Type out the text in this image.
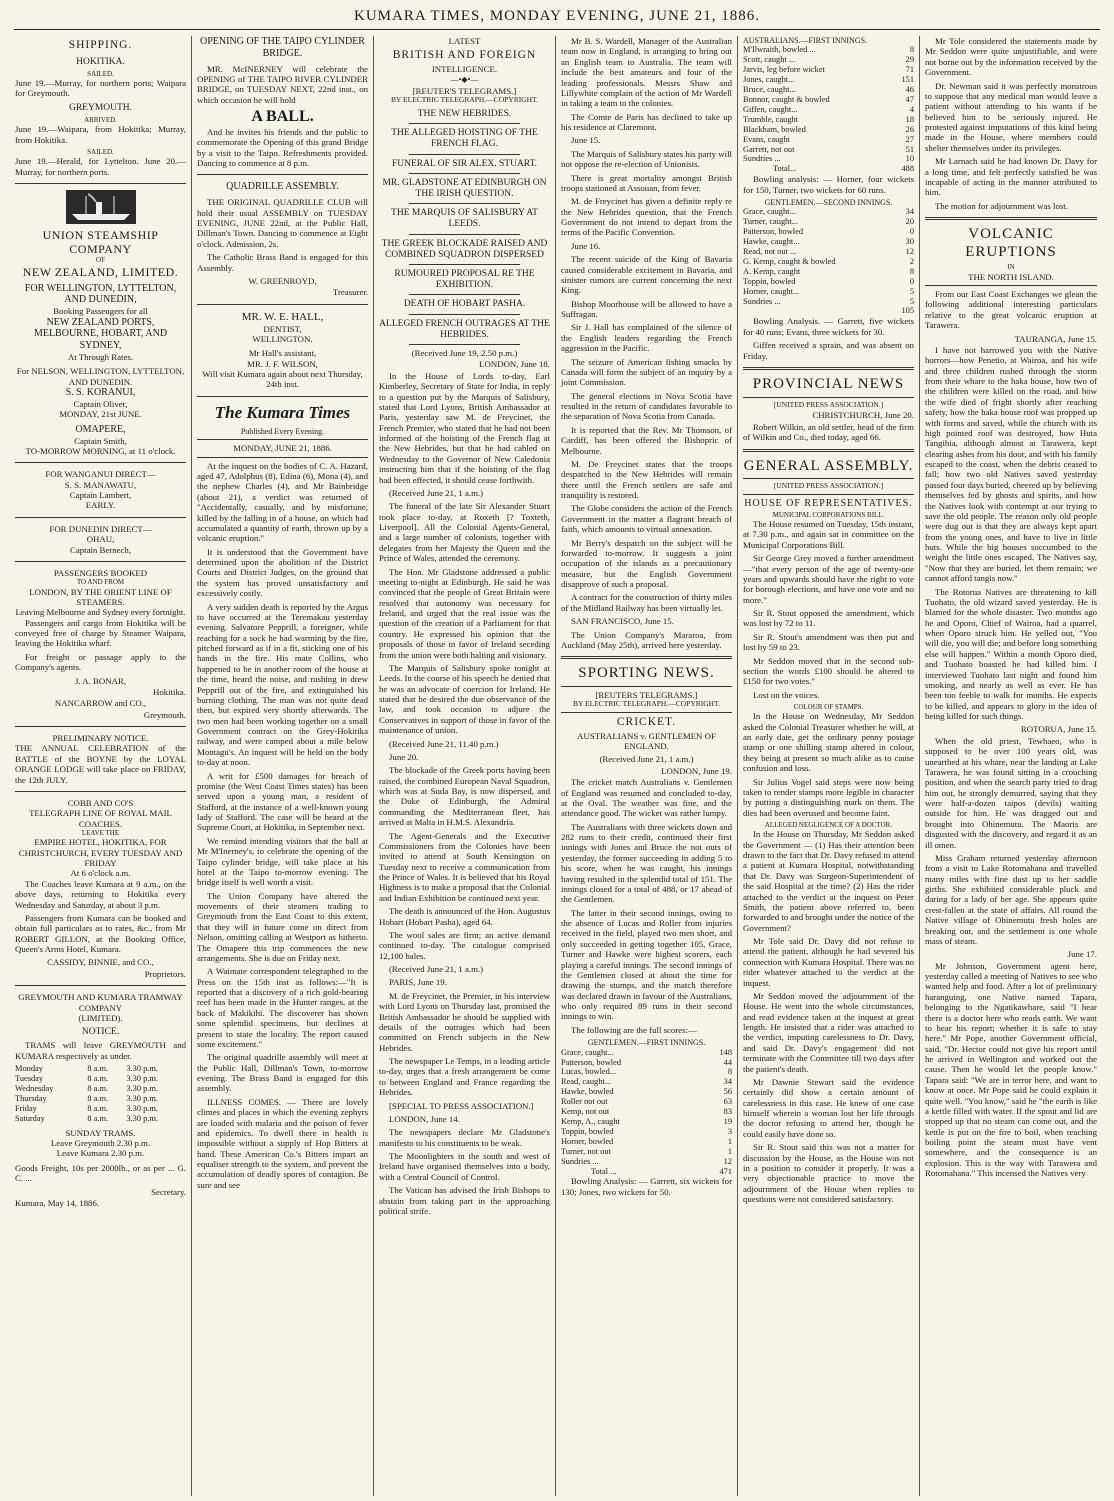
KUMARA TIMES, MONDAY EVENING, JUNE 21, 1886.
SHIPPING.
HOKITIKA.
SAILED.

June 19.—Murray, for northern ports; Waipara for Greymouth.

GREYMOUTH.
ARRIVED.

June 19.—Waipara, from Hokitika; Murray, from Hokitika.

SAILED.

June 19.—Herald, for Lyttelton. June 20.—Murray, for northern ports.

UNION STEAMSHIP COMPANY
OF
NEW ZEALAND, LIMITED.
FOR WELLINGTON, LYTTELTON, AND DUNEDIN,
Booking Passengers for all
NEW ZEALAND PORTS, MELBOURNE, HOBART, AND SYDNEY,
At Through Rates.
For NELSON, WELLINGTON, LYTTELTON, AND DUNEDIN.
S. S. KORANUI,
Captain Oliver,
MONDAY, 21st JUNE.
OMAPERE,
Captain Smith,
TO-MORROW MORNING, at 11 o'clock.
FOR WANGANUI DIRECT—
S. S. MANAWATU,
Captain Lambert,
EARLY.
FOR DUNEDIN DIRECT—
OHAU,
Captain Bernech,
PASSENGERS BOOKED
TO AND FROM
LONDON, BY THE ORIENT LINE OF STEAMERS.
Leaving Melbourne and Sydney every fortnight.

Passengers and cargo from Hokitika will be conveyed free of charge by Steamer Waipara, leaving the Hokitika wharf.

For freight or passage apply to the Company's agents.

J. A. BONAR,
Hokitika.
NANCARROW and CO.,
Greymouth.
PRELIMINARY NOTICE.

THE ANNUAL CELEBRATION of the BATTLE of the BOYNE by the LOYAL ORANGE LODGE will take place on FRIDAY, the 12th JULY.

COBB AND CO'S
TELEGRAPH LINE OF ROYAL MAIL COACHES.
LEAVE THE
EMPIRE HOTEL, HOKITIKA, FOR CHRISTCHURCH, EVERY TUESDAY AND FRIDAY
At 6 o'clock a.m.

The Coaches leave Kumara at 9 a.m., on the above days, returning to Hokitika every Wednesday and Saturday, at about 3 p.m.

Passengers from Kumara can be booked and obtain full particulars as to rates, &c., from Mr ROBERT GILLON, at the Booking Office, Queen's Arms Hotel, Kumara.

CASSIDY, BINNIE, and CO.,
Proprietors.
GREYMOUTH AND KUMARA TRAMWAY COMPANY
(LIMITED).
NOTICE.

TRAMS will leave GREYMOUTH and KUMARA respectively as under.

Monday	8 a.m.	3.30 p.m.
Tuesday	8 a.m.	3.30 p.m.
Wednesday	8 a.m.	3.30 p.m.
Thursday	8 a.m.	3.30 p.m.
Friday	8 a.m.	3.30 p.m.
Saturday	8 a.m.	3.30 p.m.
SUNDAY TRAMS.
Leave Greymouth 2.30 p.m.
Leave Kumara 2.30 p.m.

Goods Freight, 10s per 2000lb., or as per ... G. C. ...

Secretary.
Kumara, May 14, 1886.
OPENING OF THE TAIPO CYLINDER BRIDGE.

MR. McINERNEY will celebrate the OPENING of THE TAIPO RIVER CYLINDER BRIDGE, on TUESDAY NEXT, 22nd inst., on which occasion he will hold

A BALL.

And he invites his friends and the public to commemorate the Opening of this grand Bridge by a visit to the Taipo. Refreshments provided. Dancing to commence at 8 p.m.

QUADRILLE ASSEMBLY.

THE ORIGINAL QUADRILLE CLUB will hold their usual ASSEMBLY on TUESDAY EVENING, JUNE 22nd, at the Public Hall, Dillman's Town. Dancing to commence at Eight o'clock. Admission, 2s.

The Catholic Brass Band is engaged for this Assembly.

W. GREENROYD,
Treasurer.
MR. W. E. HALL,
DENTIST,
WELLINGTON.
Mr Hall's assistant,
MR. J. F. WILSON,
Will visit Kumara again about next Thursday, 24th inst.
The Kumara Times
Published Every Evening.
MONDAY, JUNE 21, 1886.

At the inquest on the bodies of C. A. Hazard, aged 47, Adolphus (8), Edina (6), Mona (4), and the nephew Charles (4), and Mr Bainbridge (about 21), a verdict was returned of "Accidentally, casually, and by misfortune, killed by the falling in of a house, on which had accumulated a quantity of earth, thrown up by a volcanic eruption."

It is understood that the Government have determined upon the abolition of the District Courts and District Judges, on the ground that the system has proved unsatisfactory and excessively costly.

A very sudden death is reported by the Argus to have occurred at the Teremakau yesterday evening. Salvatore Pepprill, a foreigner, while reaching for a sock he had warming by the fire, pitched forward as if in a fit, sticking one of his hands in the fire. His mate Collins, who happened to be in another room of the house at the time, heard the noise, and rushing in drew Pepprill out of the fire, and extinguished his burning clothing. The man was not quite dead then, but expired very shortly afterwards. The two men had been working together on a small Government contract on the Grey-Hokitika railway, and were camped about a mile below Montagu's. An inquest will be held on the body to-day at noon.

A writ for £500 damages for breach of promise (the West Coast Times states) has been served upon a young man, a resident of Stafford, at the instance of a well-known young lady of Stafford. The case will be heard at the Supreme Court, at Hokitika, in September next.

We remind intending visitors that the ball at Mr M'Inerney's, to celebrate the opening of the Taipo cylinder bridge, will take place at his hotel at the Taipo to-morrow evening. The bridge itself is well worth a visit.

The Union Company have altered the movements of their steamers trading to Greymouth from the East Coast to this extent, that they will in future come on direct from Nelson, omitting calling at Westport as hitherto. The Omapere this trip commences the new arrangements. She is due on Friday next.

A Waimate correspondent telegraphed to the Press on the 15th inst as follows:—"It is reported that a discovery of a rich gold-bearing reef has been made in the Hunter ranges, at the back of Makikihi. The discoverer has shown some splendid specimens, but declines at present to state the locality. The report caused some excitement."

The original quadrille assembly will meet at the Public Hall, Dillman's Town, to-morrow evening. The Brass Band is engaged for this assembly.

ILLNESS COMES. — There are lovely climes and places in which the evening zephyrs are loaded with malaria and the poison of fever and epidemics. To dwell there in health is impossible without a supply of Hop Bitters at hand. These American Co.'s Bitters impart an equaliser strength to the system, and prevent the accumulation of deadly spores of contagion. Be sure and see

LATEST
BRITISH AND FOREIGN
INTELLIGENCE.
―•◆•―
[REUTER'S TELEGRAMS.]
BY ELECTRIC TELEGRAPH.—COPYRIGHT.
THE NEW HEBRIDES.
THE ALLEGED HOISTING OF THE FRENCH FLAG.
FUNERAL OF SIR ALEX. STUART.
MR. GLADSTONE AT EDINBURGH ON THE IRISH QUESTION.
THE MARQUIS OF SALISBURY AT LEEDS.
THE GREEK BLOCKADE RAISED AND COMBINED SQUADRON DISPERSED
RUMOURED PROPOSAL RE THE EXHIBITION.
DEATH OF HOBART PASHA.
ALLEGED FRENCH OUTRAGES AT THE HEBRIDES.
(Received June 19, 2.50 p.m.)
LONDON, June 18.

In the House of Lords to-day, Earl Kimberley, Secretary of State for India, in reply to a question put by the Marquis of Salisbury, stated that Lord Lyons, British Ambassador at Paris, yesterday saw M. de Freycinet, the French Premier, who stated that he had not been informed of the hoisting of the French flag at the New Hebrides, but that he had cabled on Wednesday to the Governor of New Caledonia instructing him that if the hoisting of the flag had been effected, it should cease forthwith.

(Received June 21, 1 a.m.)

The funeral of the late Sir Alexander Stuart took place to-day, at Roxeth [? Toxteth, Liverpool]. All the Colonial Agents-General, and a large number of colonists, together with delegates from her Majesty the Queen and the Prince of Wales, attended the ceremony.

The Hon. Mr Gladstone addressed a public meeting to-night at Edinburgh. He said he was convinced that the people of Great Britain were resolved that autonomy was necessary for Ireland, and urged that the real issue was the question of the creation of a Parliament for that country. He expressed his opinion that the proposals of those in favor of Ireland seceding from the union were both halting and visionary.

The Marquis of Salisbury spoke tonight at Leeds. In the course of his speech he denied that he was an advocate of coercion for Ireland. He stated that he desired the due observance of the law, and took occasion to adjure the Conservatives in support of those in favor of the maintenance of union.

(Received June 21, 11.40 p.m.)

June 20.

The blockade of the Greek ports having been raised, the combined European Naval Squadron, which was at Suda Bay, is now dispersed, and the Duke of Edinburgh, the Admiral commanding the Mediterranean fleet, has arrived at Malta in H.M.S. Alexandria.

The Agent-Generals and the Executive Commissioners from the Colonies have been invited to attend at South Kensington on Tuesday next to receive a communication from the Prince of Wales. It is believed that his Royal Highness is to make a proposal that the Colonial and Indian Exhibition be continued next year.

The death is announced of the Hon. Augustus Hobart (Hobart Pasha), aged 64.

The wool sales are firm; an active demand continued to-day. The catalogue comprised 12,100 bales.

(Received June 21, 1 a.m.)

PARIS, June 19.

M. de Freycinet, the Premier, in his interview with Lord Lyons on Thursday last, promised the British Ambassador he should be supplied with details of the outrages which had been committed on French subjects in the New Hebrides.

The newspaper Le Temps, in a leading article to-day, urges that a fresh arrangement be come to between England and France regarding the Hebrides.

[SPECIAL TO PRESS ASSOCIATION.]

LONDON, June 14.

The newspapers declare Mr Gladstone's manifesto to his constituents to be weak.

The Moonlighters in the south and west of Ireland have organised themselves into a body, with a Central Council of Control.

The Vatican has advised the Irish Bishops to abstain from taking part in the approaching political strife.

Mr B. S. Wardell, Manager of the Australian team now in England, is arranging to bring out an English team to Australia. The team will include the best amateurs and four of the leading professionals. Messrs Shaw and Lillywhite complain of the action of Mr Wardell in taking a team to the colonies.

The Comte de Paris has declined to take up his residence at Claremont.

June 15.

The Marquis of Salisbury states his party will not oppose the re-election of Unionists.

There is great mortality amongst British troops stationed at Assouan, from fever.

M. de Freycinet has given a definite reply re the New Hebrides question, that the French Government do not intend to depart from the terms of the Pacific Convention.

June 16.

The recent suicide of the King of Bavaria caused considerable excitement in Bavaria, and sinister rumors are current concerning the next King.

Bishop Moorhouse will be allowed to have a Suffragan.

Sir J. Hall has complained of the silence of the English leaders regarding the French aggression in the Pacific.

The seizure of American fishing smacks by Canada will form the subject of an inquiry by a joint Commission.

The general elections in Nova Scotia have resulted in the return of candidates favorable to the separation of Nova Scotia from Canada.

It is reported that the Rev. Mr Thomson, of Cardiff, has been offered the Bishopric of Melbourne.

M. De Freycinet states that the troops despatched to the New Hebrides will remain there until the French settlers are safe and tranquility is restored.

The Globe considers the action of the French Government in the matter a flagrant breach of faith, which amounts to virtual annexation.

Mr Berry's despatch on the subject will be forwarded to-morrow. It suggests a joint occupation of the islands as a precautionary measure, but the English Government disapprove of such a proposal.

A contract for the construction of thirty miles of the Midland Railway has been virtually let.

SAN FRANCISCO, June 15.

The Union Company's Mararoa, from Auckland (May 25th), arrived here yesterday.

SPORTING NEWS.
[REUTERS TELEGRAMS.]
BY ELECTRIC TELEGRAPH.—COPYRIGHT.
CRICKET.
AUSTRALIANS v. GENTLEMEN OF ENGLAND.
(Received June 21, 1 a.m.)
LONDON, June 19.

The cricket match Australians v. Gentlemen of England was resumed and concluded to-day, at the Oval. The weather was fine, and the attendance good. The wicket was rather lumpy.

The Australians with three wickets down and 282 runs to their credit, continued their first innings with Jones and Bruce the not outs of yesterday, the former succeeding in adding 5 to his score, when he was caught, his innings having resulted in the splendid total of 151. The innings closed for a total of 488, or 17 ahead of the Gentlemen.

The latter in their second innings, owing to the absence of Lucas and Roller from injuries received in the field, played two men short, and only succeeded in getting together 105, Grace, Turner and Hawke were highest scorers, each playing a careful innings. The second innings of the Gentlemen closed at about the time for drawing the stumps, and the match therefore was declared drawn in favour of the Australians, who only required 89 runs in their second innings to win.

The following are the full scores:—

GENTLEMEN.—FIRST INNINGS.
Grace, caught...	148
Patterson, bowled	44
Lucas, bowled...	8
Read, caught...	34
Hawke, bowled	56
Roller not out	63
Kemp, not out	83
Kemp, A., caught	19
Toppin, bowled	3
Horner, bowled	1
Turner, not out	1
Sundries ...	12
Total ...	471

Bowling Analysis: — Garrett, six wickets for 130; Jones, two wickets for 50.

AUSTRALIANS.—FIRST INNINGS.
M'Ilwraith, bowled ...	8
Scott, caught ...	29
Jarvis, leg before wicket	71
Jones, caught...	151
Bruce, caught...	46
Bonnor, caught & bowled	47
Giffen, caught...	4
Trumble, caught	18
Blackham, bowled	26
Evans, caught	27
Garrett, not out	51
Sundries ...	10
Total...	488

Bowling analysis: — Horner, four wickets for 150, Turner, two wickets for 60 runs.

GENTLEMEN.—SECOND INNINGS.
Grace, caught...	34
Turner, caught...	20
Patterson, bowled	0
Hawke, caught...	30
Read, not out ...	12
G. Kemp, caught & bowled	2
A. Kemp, caught	8
Toppin, bowled	0
Horner, caught...	5
Sundries ...	5
	105

Bowling Analysis. — Garrett, five wickets for 40 runs; Evans, three wickets for 30.

Giffen received a sprain, and was absent on Friday.

PROVINCIAL NEWS
[UNITED PRESS ASSOCIATION.]
CHRISTCHURCH, June 20.

Robert Wilkin, an old settler, head of the firm of Wilkin and Co., died today, aged 66.

GENERAL ASSEMBLY.
[UNITED PRESS ASSOCIATION.]
HOUSE OF REPRESENTATIVES.
MUNICIPAL CORPORATIONS BILL.

The House resumed on Tuesday, 15th instant, at 7.30 p.m., and again sat in committee on the Municipal Corporations Bill.

Sir George Grey moved a further amendment—"that every person of the age of twenty-one years and upwards should have the right to vote for borough elections, and have one vote and no more."

Sir R. Stout opposed the amendment, which was lost by 72 to 11.

Sir R. Stout's amendment was then put and lost by 59 to 23.

Mr Seddon moved that in the second sub-section the words £100 should be altered to £150 for two votes."

Lost on the voices.

COLOUR OF STAMPS.

In the House on Wednesday, Mr Seddon asked the Colonial Treasurer whether he will, at an early date, get the ordinary penny postage stamp or one shilling stamp altered in colour, they being at present so much alike as to cause confusion and loss.

Sir Julius Vogel said steps were now being taken to render stamps more legible in character by putting a distinguishing mark on them. The dies had been overused and become faint.

ALLEGED NEGLIGENCE OF A DOCTOR.

In the House on Thursday, Mr Seddon asked the Government — (1) Has their attention been drawn to the fact that Dr. Davy refused to attend a patient at Kumara Hospital, notwithstanding that Dr. Davy was Surgeon-Superintendent of the said Hospital at the time? (2) Has the rider attached to the verdict at the inquest on Peter Smith, the patient above referred to, been forwarded to and brought under the notice of the Government?

Mr Tole said Dr. Davy did not refuse to attend the patient, although he had severed his connection with Kumara Hospital. There was no rider whatever attached to the verdict at the inquest.

Mr Seddon moved the adjournment of the House. He went into the whole circumstances, and read evidence taken at the inquest at great length. He insisted that a rider was attached to the verdict, imputing carelessness to Dr. Davy, and said Dr. Davy's engagement did not terminate with the Committee till two days after the patient's death.

Mr Dawnie Stewart said the evidence certainly did show a certain amount of carelessness in this case. He knew of one case himself wherein a woman lost her life through the doctor refusing to attend her, though he could easily have done so.

Sir R. Stout said this was not a matter for discussion by the House, as the House was not in a position to consider it properly. It was a very objectionable practice to move the adjournment of the House when replies to questions were not considered satisfactory.

Mr Tole considered the statements made by Mr Seddon were quite unjustifiable, and were not borne out by the information received by the Government.

Dr. Newman said it was perfectly monstrous to suppose that any medical man would leave a patient without attending to his wants if he believed him to be seriously injured. He protested against imputations of this kind being made in the House, where members could shelter themselves under its privileges.

Mr Larnach said he had known Dr. Davy for a long time, and felt perfectly satisfied he was incapable of acting in the manner attributed to him.

The motion for adjournment was lost.

VOLCANIC ERUPTIONS
IN
THE NORTH ISLAND.

From our East Coast Exchanges we glean the following additional interesting particulars relative to the great volcanic eruption at Tarawera.

TAURANGA, June 15.

I have not harrowed you with the Native horrors—how Penetio, at Wairoa, and his wife and three children rushed through the storm from their whare to the haka house, how two of the children were killed on the road, and how the wife died of fright shortly after reaching safety, how the haka house roof was propped up with forms and saved, while the church with its high pointed roof was destroyed, how Huta Tangihia, although almost at Tarawera, kept clearing ashes from his door, and with his family escaped to the coast, when the debris ceased to fall; how two old Natives saved yesterday passed four days buried, cheered up by believing themselves fed by ghosts and spirits, and how the Natives look with contempt at our trying to save the old people. The reason only old people were dug out is that they are always kept apart from the young ones, and have to live in little huts. While the big houses succumbed to the weight the little ones escaped. The Natives say, "Now that they are buried, let them remain; we cannot afford tangis now."

The Rotorua Natives are threatening to kill Tuohato, the old wizard saved yesterday. He is blamed for the whole disaster. Two months ago he and Oporo, Chief of Wairoa, had a quarrel, when Oporo struck him. He yelled out, "You will die, you will die; and before long something else will happen." Within a month Oporo died, and Tuohato boasted he had killed him. I interviewed Tuohato last night and found him smoking, and nearly as well as ever. He has been too feeble to walk for months. He expects to be killed, and appears to glory in the idea of being killed for such things.

ROTORUA, June 15.

When the old priest, Tewhaeo, who is supposed to be over 100 years old, was unearthed at his whare, near the landing at Lake Tarawera, he was found sitting in a crouching position, and when the search party tried to drag him out, he strongly demurred, saying that they were half-a-dozen taipos (devils) waiting outside for him. He was dragged out and brought into Ohinemutu. The Maoris are disgusted with the discovery, and regard it as an ill omen.

Miss Graham returned yesterday afternoon from a visit to Lake Rotomahana and travelled many miles with fine dust up to her saddle girths. She exhibited considerable pluck and daring for a lady of her age. She appears quite crest-fallen at the state of affairs. All round the Native village of Ohinemutu fresh holes are breaking out, and the settlement is one whole mass of steam.

June 17.

Mr Johnson, Government agent here, yesterday called a meeting of Natives to see who wanted help and food. After a lot of preliminary haranguing, one Native named Tapara, belonging to the Ngatikawhare, said "I hear there is a doctor here who reads earth. We want to hear his report; whether it is safe to stay here." Mr Pope, another Government official, said, "Dr. Hector could not give his report until he arrived in Wellington and worked out the cause. Then he would let the people know." Tapara said: "We are in terror here, and want to know at once. Mr Pope said he could explain it quite well. "You know," said he "the earth is like a kettle filled with water. If the spout and lid are stopped up that no steam can come out, and the kettle is put on the fire to boil, when reaching boiling point the steam must have vent somewhere, and the consequence is an explosion. This is the way with Tarawera and Rotomahana." This incensed the Natives very
